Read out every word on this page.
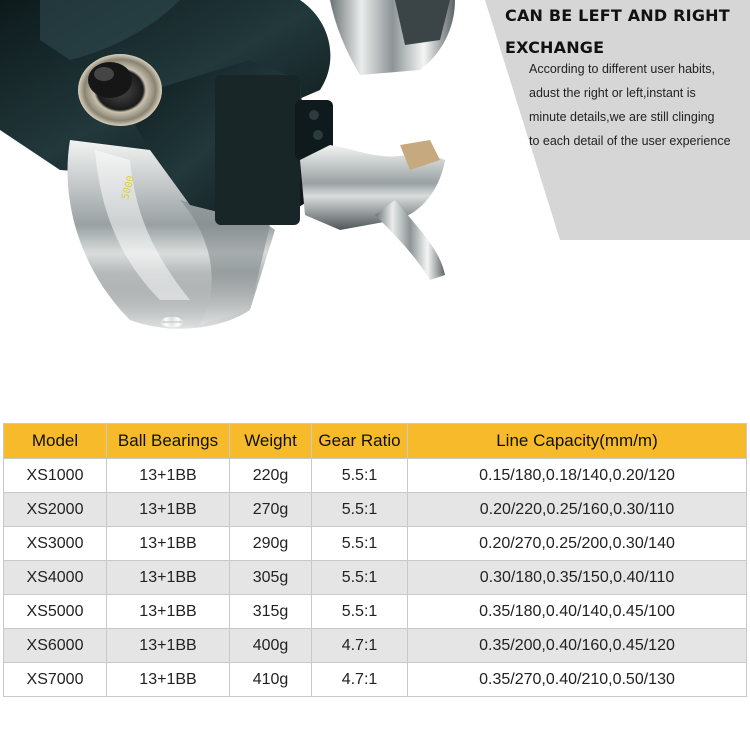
CAN BE LEFT AND RIGHT
EXCHANGE
According to different user habits,
adust the right or left,instant is
minute details,we are still clinging
to each detail of the user experience
Model	Ball Bearings	Weight	Gear Ratio	Line Capacity(mm/m)
XS1000	13+1BB	220g	5.5:1	0.15/180,0.18/140,0.20/120
XS2000	13+1BB	270g	5.5:1	0.20/220,0.25/160,0.30/110
XS3000	13+1BB	290g	5.5:1	0.20/270,0.25/200,0.30/140
XS4000	13+1BB	305g	5.5:1	0.30/180,0.35/150,0.40/110
XS5000	13+1BB	315g	5.5:1	0.35/180,0.40/140,0.45/100
XS6000	13+1BB	400g	4.7:1	0.35/200,0.40/160,0.45/120
XS7000	13+1BB	410g	4.7:1	0.35/270,0.40/210,0.50/130
